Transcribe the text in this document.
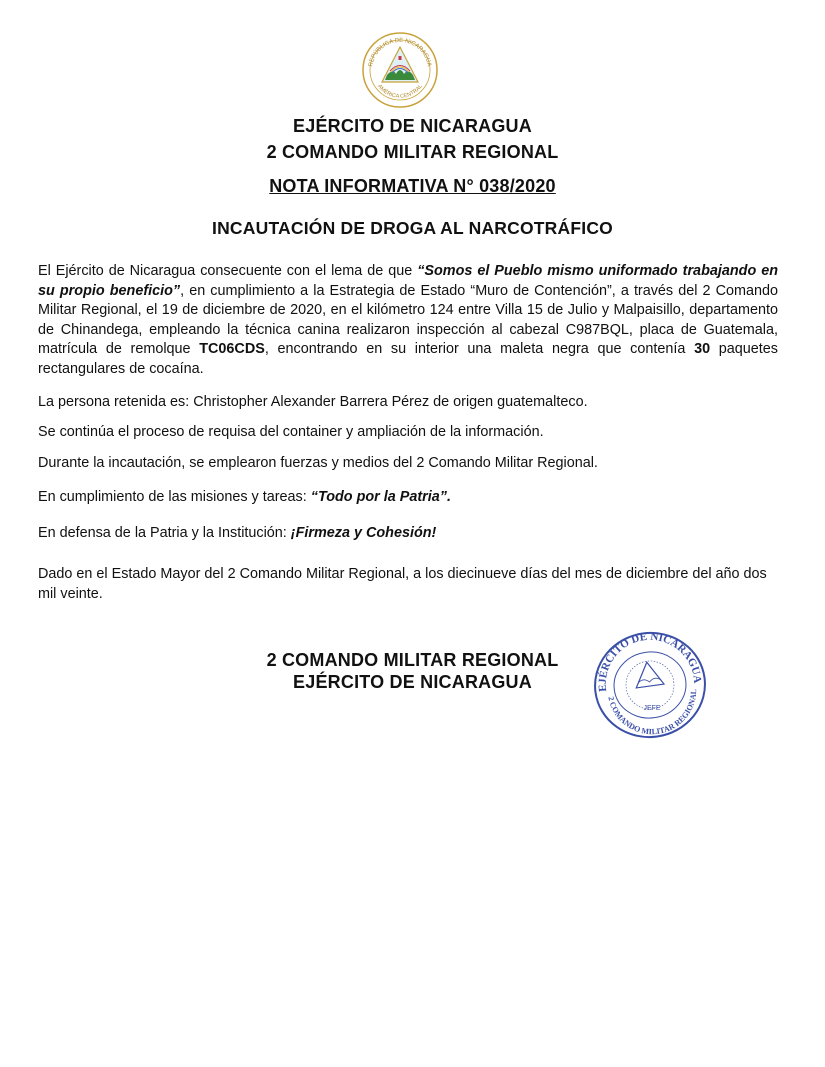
REPÚBLICA DE NICARAGUA
AMÉRICA CENTRAL
EJÉRCITO DE NICARAGUA
2 COMANDO MILITAR REGIONAL
NOTA INFORMATIVA N° 038/2020
INCAUTACIÓN DE DROGA AL NARCOTRÁFICO
El Ejército de Nicaragua consecuente con el lema de que “Somos el Pueblo mismo uniformado trabajando en su propio beneficio”, en cumplimiento a la Estrategia de Estado “Muro de Contención”, a través del 2 Comando Militar Regional, el 19 de diciembre de 2020, en el kilómetro 124 entre Villa 15 de Julio y Malpaisillo, departamento de Chinandega, empleando la técnica canina realizaron inspección al cabezal C987BQL, placa de Guatemala, matrícula de remolque TC06CDS, encontrando en su interior una maleta negra que contenía 30 paquetes rectangulares de cocaína.
La persona retenida es: Christopher Alexander Barrera Pérez de origen guatemalteco.
Se continúa el proceso de requisa del container y ampliación de la información.
Durante la incautación, se emplearon fuerzas y medios del 2 Comando Militar Regional.
En cumplimiento de las misiones y tareas: “Todo por la Patria”.
En defensa de la Patria y la Institución: ¡Firmeza y Cohesión!
Dado en el Estado Mayor del 2 Comando Militar Regional, a los diecinueve días del mes de diciembre del año dos mil veinte.
2 COMANDO MILITAR REGIONAL
EJÉRCITO DE NICARAGUA	EJÉRCITO DE NICARAGUA
2 COMANDO MILITAR REGIONAL
JEFE
